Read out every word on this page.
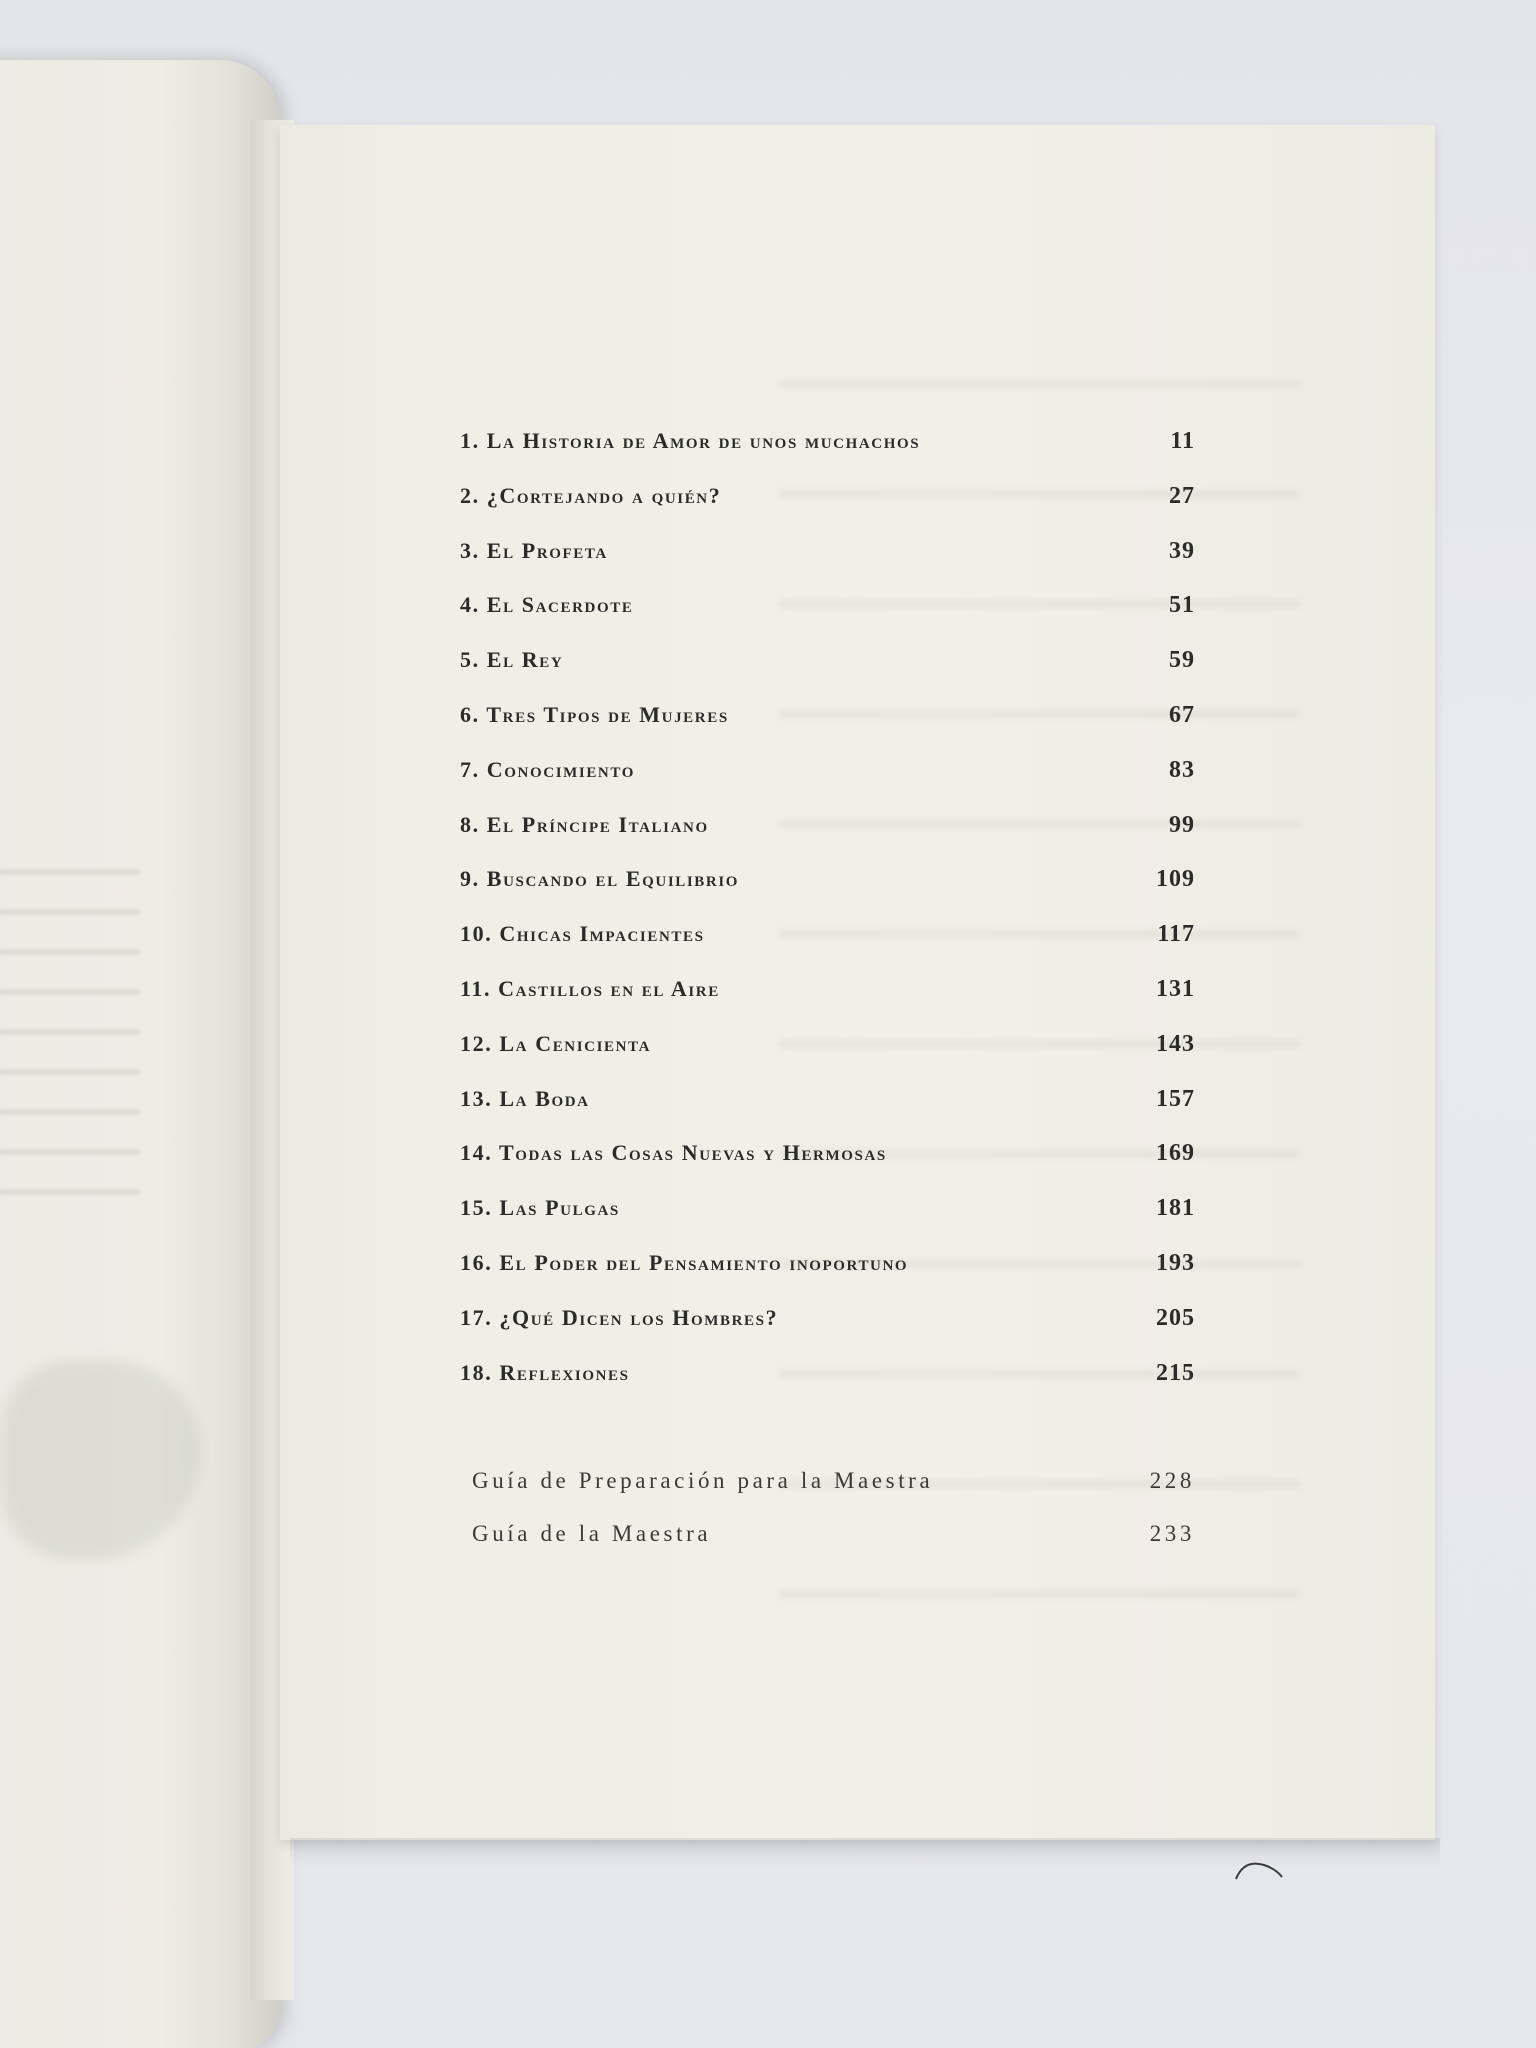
1. La Historia de Amor de unos muchachos	11
2. ¿Cortejando a quién?	27
3. El Profeta	39
4. El Sacerdote	51
5. El Rey	59
6. Tres Tipos de Mujeres	67
7. Conocimiento	83
8. El Príncipe Italiano	99
9. Buscando el Equilibrio	109
10. Chicas Impacientes	117
11. Castillos en el Aire	131
12. La Cenicienta	143
13. La Boda	157
14. Todas las Cosas Nuevas y Hermosas	169
15. Las Pulgas	181
16. El Poder del Pensamiento inoportuno	193
17. ¿Qué Dicen los Hombres?	205
18. Reflexiones	215
Guía de Preparación para la Maestra	228
Guía de la Maestra	233
